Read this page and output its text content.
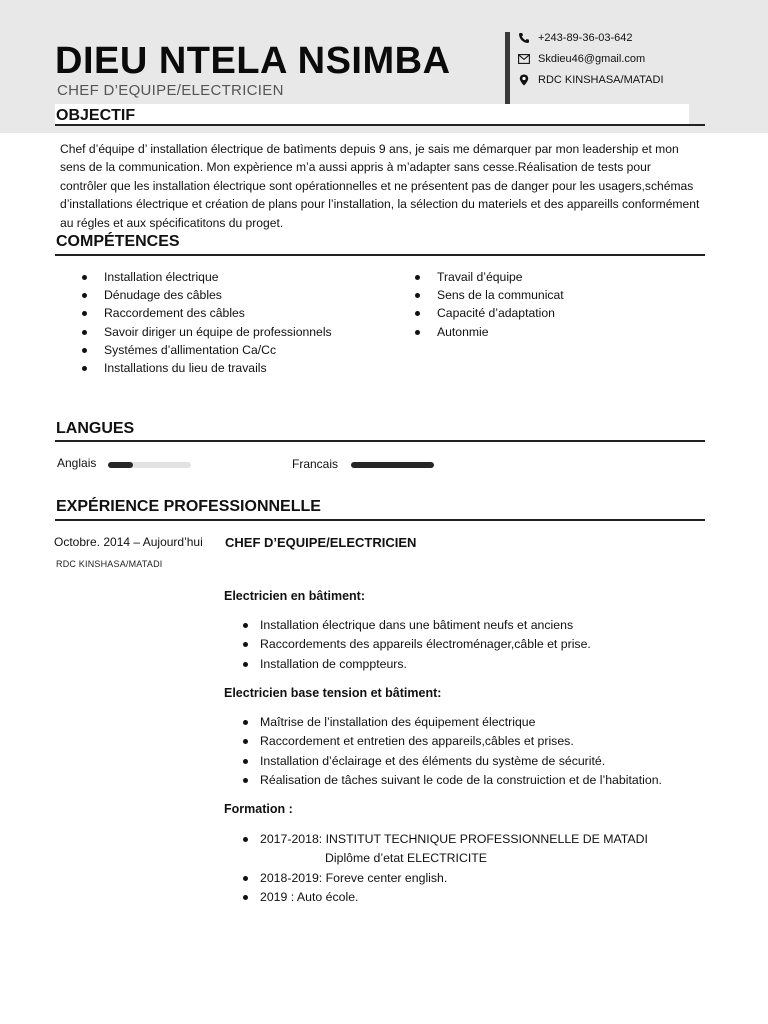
DIEU NTELA NSIMBA
CHEF D’EQUIPE/ELECTRICIEN
+243-89-36-03-642
Skdieu46@gmail.com
RDC KINSHASA/MATADI
OBJECTIF

Chef d’équipe d’ installation électrique de batìments depuis 9 ans, je sais me démarquer par mon leadership et mon sens de la communication. Mon expèrience m’a aussi appris à m’adapter sans cesse.Réalisation de tests pour contrôler que les installation électrique sont opérationnelles et ne présentent pas de danger pour les usagers,schémas d’installations électrique et création de plans pour l’installation, la sélection du materiels et des appareills conformément au régles et aux spécificatitons du proget.

COMPÉTENCES
Installation électrique
Dénudage des câbles
Raccordement des câbles
Savoir diriger un équipe de professionnels
Systémes d’allimentation Ca/Cc
Installations du lieu de travails
Travail d’équipe
Sens de la communicat
Capacité d’adaptation
Autonmie
LANGUES
Anglais	Francais
EXPÉRIENCE PROFESSIONNELLE
Octobre. 2014 – Aujourd’hui
RDC KINSHASA/MATADI
CHEF D’EQUIPE/ELECTRICIEN
Electricien en bâtiment:
Installation électrique dans une bâtiment neufs et anciens
Raccordements des appareils électroménager,câble et prise.
Installation de comppteurs.
Electricien base tension et bâtiment:
Maîtrise de l’installation des équipement électrique
Raccordement et entretien des appareils,câbles et prises.
Installation d’éclairage et des éléments du système de sécurité.
Réalisation de tâches suivant le code de la construiction et de l’habitation.
Formation :
2017-2018: INSTITUT TECHNIQUE PROFESSIONNELLE DE MATADI
2018-2019: Foreve center english.
2019 : Auto école.
Diplôme d’etat ELECTRICITE
